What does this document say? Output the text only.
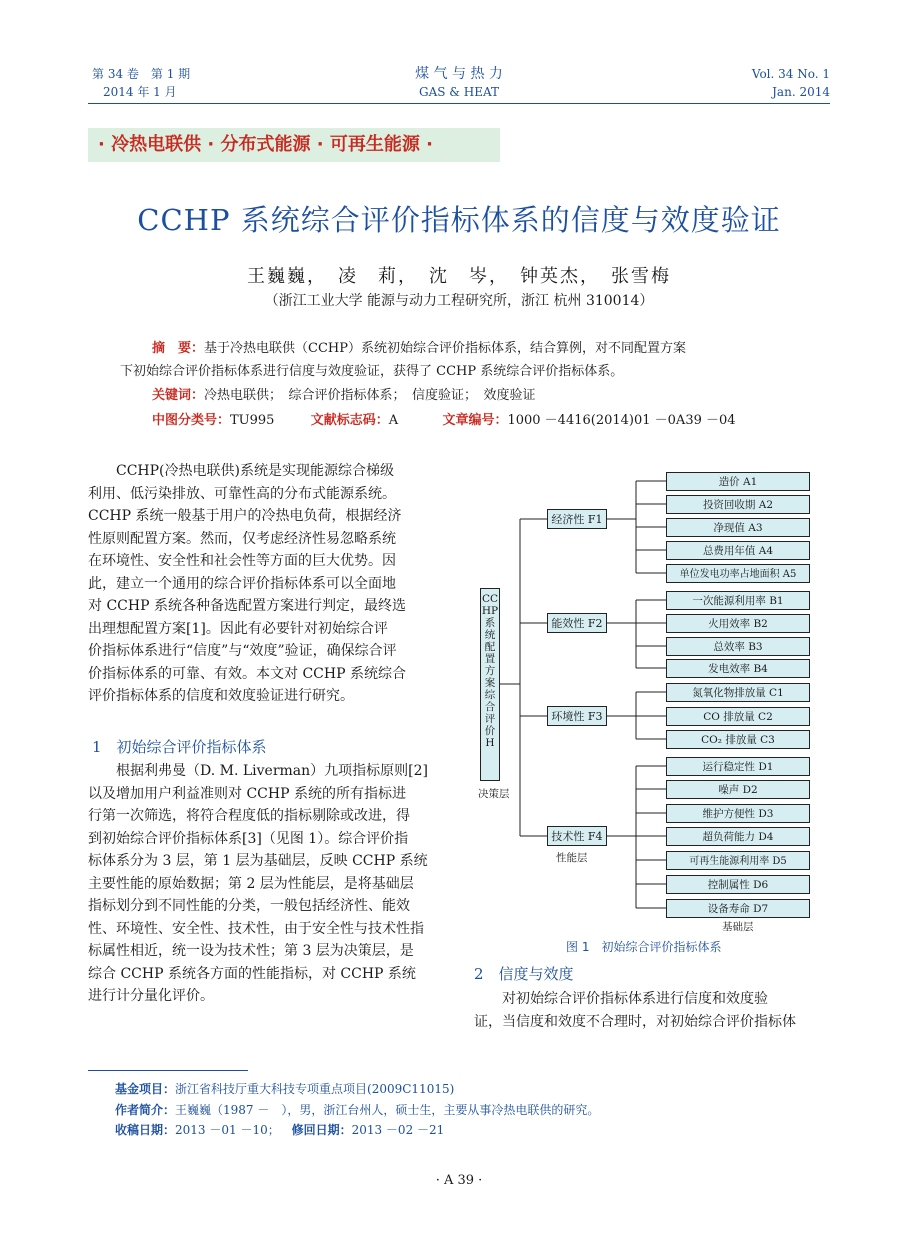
第 34 卷　第 1 期
2014 年 1 月
煤 气 与 热 力
GAS & HEAT
Vol. 34 No. 1
Jan. 2014
· 冷热电联供 · 分布式能源 · 可再生能源 ·
CCHP 系统综合评价指标体系的信度与效度验证
王巍巍，　凌　莉，　沈　岑，　钟英杰，　张雪梅
（浙江工业大学 能源与动力工程研究所，浙江 杭州 310014）
摘　要：基于冷热电联供（CCHP）系统初始综合评价指标体系，结合算例，对不同配置方案
下初始综合评价指标体系进行信度与效度验证，获得了 CCHP 系统综合评价指标体系。
关键词：冷热电联供；　综合评价指标体系；　信度验证；　效度验证
中图分类号：TU995	文献标志码：A	文章编号：1000 －4416(2014)01 －0A39 －04
CCHP(冷热电联供)系统是实现能源综合梯级
利用、低污染排放、可靠性高的分布式能源系统。
CCHP 系统一般基于用户的冷热电负荷，根据经济
性原则配置方案。然而，仅考虑经济性易忽略系统
在环境性、安全性和社会性等方面的巨大优势。因
此，建立一个通用的综合评价指标体系可以全面地
对 CCHP 系统各种备选配置方案进行判定，最终选
出理想配置方案[1]。因此有必要针对初始综合评
价指标体系进行“信度”与“效度”验证，确保综合评
价指标体系的可靠、有效。本文对 CCHP 系统综合
评价指标体系的信度和效度验证进行研究。
1　初始综合评价指标体系
根据利弗曼（D. M. Liverman）九项指标原则[2]
以及增加用户利益准则对 CCHP 系统的所有指标进
行第一次筛选，将符合程度低的指标剔除或改进，得
到初始综合评价指标体系[3]（见图 1）。综合评价指
标体系分为 3 层，第 1 层为基础层，反映 CCHP 系统
主要性能的原始数据；第 2 层为性能层，是将基础层
指标划分到不同性能的分类，一般包括经济性、能效
性、环境性、安全性、技术性，由于安全性与技术性指
标属性相近，统一设为技术性；第 3 层为决策层，是
综合 CCHP 系统各方面的性能指标，对 CCHP 系统
进行计分量化评价。
CCHP系统配置方案综合评价H
决策层
经济性 F1
能效性 F2
环境性 F3
技术性 F4
性能层
造价 A1
投资回收期 A2
净现值 A3
总费用年值 A4
单位发电功率占地面积 A5
一次能源利用率 B1
火用效率 B2
总效率 B3
发电效率 B4
氮氧化物排放量 C1
CO 排放量 C2
CO₂ 排放量 C3
运行稳定性 D1
噪声 D2
维护方便性 D3
超负荷能力 D4
可再生能源利用率 D5
控制属性 D6
设备寿命 D7
基础层
图 1　初始综合评价指标体系
2　信度与效度
对初始综合评价指标体系进行信度和效度验
证，当信度和效度不合理时，对初始综合评价指标体
基金项目：浙江省科技厅重大科技专项重点项目(2009C11015)
作者简介：王巍巍（1987 －　），男，浙江台州人，硕士生，主要从事冷热电联供的研究。
收稿日期：2013 －01 －10； 修回日期：2013 －02 －21
· A 39 ·
